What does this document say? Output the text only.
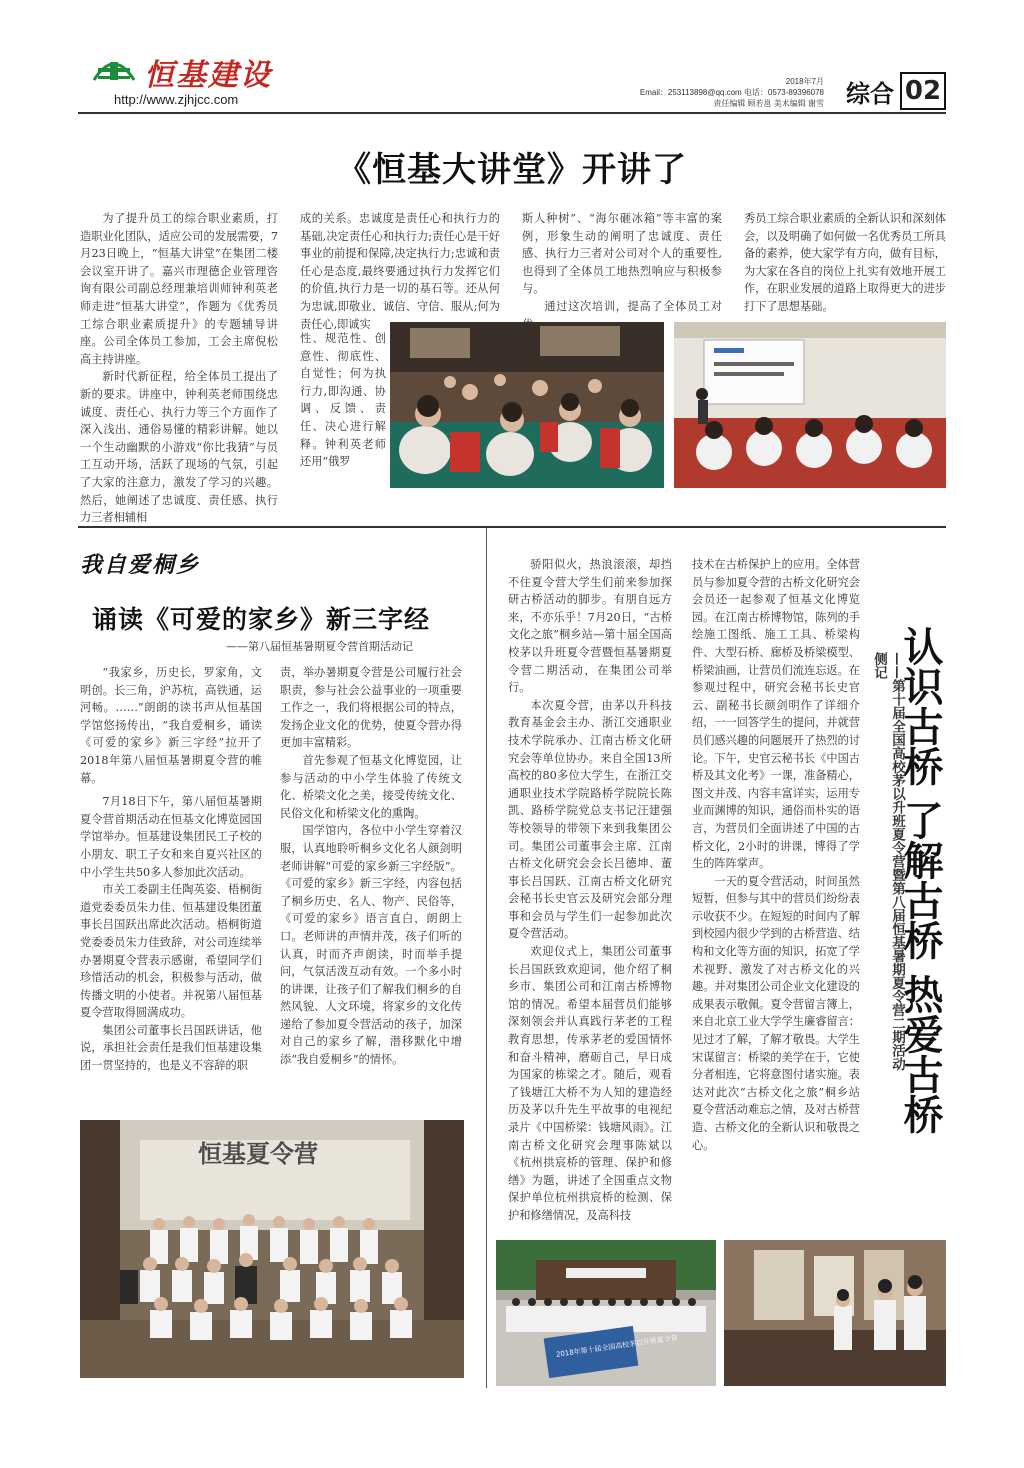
恒基建设
http://www.zjhjcc.com
2018年7月
Email：253113898@qq.com 电话：0573-89396078
责任编辑 顾若邕 美术编辑 谢雪 综合 02
《恒基大讲堂》开讲了

为了提升员工的综合职业素质，打造职业化团队，适应公司的发展需要，7月23日晚上，“恒基大讲堂”在集团二楼会议室开讲了。嘉兴市理德企业管理咨询有限公司副总经理兼培训师钟利英老师走进“恒基大讲堂”，作题为《优秀员工综合职业素质提升》的专题辅导讲座。公司全体员工参加，工会主席倪松高主持讲座。

新时代新征程，给全体员工提出了新的要求。讲座中，钟利英老师围绕忠诚度、责任心、执行力等三个方面作了深入浅出、通俗易懂的精彩讲解。她以一个生动幽默的小游戏“你比我猜”与员工互动开场，活跃了现场的气氛，引起了大家的注意力，激发了学习的兴趣。然后，她阐述了忠诚度、责任感、执行力三者相辅相

成的关系。忠诚度是责任心和执行力的基础,决定责任心和执行力;责任心是干好事业的前提和保障,决定执行力;忠诚和责任心是态度,最终要通过执行力发挥它们的价值,执行力是一切的基石等。还从何为忠诚,即敬业、诚信、守信、服从;何为责任心,即诚实

性、规范性、创意性、彻底性、自觉性；何为执行力,即沟通、协调、反馈、责任、决心进行解释。钟利英老师还用“俄罗

斯人种树”、“海尔砸冰箱”等丰富的案例，形象生动的阐明了忠诚度、责任感、执行力三者对公司对个人的重要性,也得到了全体员工地热烈响应与积极参与。

通过这次培训，提高了全体员工对

秀员工综合职业素质的全新认识和深刻体会，以及明确了如何做一名优秀员工所具备的素养，使大家学有方向，做有目标，为大家在各自的岗位上扎实有效地开展工作，在职业发展的道路上取得更大的进步打下了思想基础。

我自爱桐乡
诵读《可爱的家乡》新三字经
——第八届恒基暑期夏令营首期活动记

“我家乡，历史长，罗家角，文明创。长三角，沪苏杭，高铁通，运河畅。……”朗朗的读书声从恒基国学馆悠扬传出，“我自爱桐乡，诵读《可爱的家乡》新三字经”拉开了2018年第八届恒基暑期夏令营的帷幕。

7月18日下午，第八届恒基暑期夏令营首期活动在恒基文化博览园国学馆举办。恒基建设集团民工子校的小朋友、职工子女和来自夏兴社区的中小学生共50多人参加此次活动。

市关工委副主任陶英姿、梧桐街道党委委员朱力佳、恒基建设集团董事长吕国跃出席此次活动。梧桐街道党委委员朱力佳致辞，对公司连续举办暑期夏令营表示感谢，希望同学们珍惜活动的机会，积极参与活动，做传播文明的小使者。并祝第八届恒基夏令营取得圆满成功。

集团公司董事长吕国跃讲话，他说，承担社会责任是我们恒基建设集团一贯坚持的，也是义不容辞的职

责，举办暑期夏令营是公司履行社会职责，参与社会公益事业的一项重要工作之一，我们将根据公司的特点，发扬企业文化的优势，使夏令营办得更加丰富精彩。

首先参观了恒基文化博览园，让参与活动的中小学生体验了传统文化、桥梁文化之美，接受传统文化、民俗文化和桥梁文化的熏陶。

国学馆内，各位中小学生穿着汉服，认真地聆听桐乡文化名人颜剑明老师讲解“可爱的家乡新三字经版”。《可爱的家乡》新三字经，内容包括了桐乡历史、名人、物产、民俗等，《可爱的家乡》语言直白，朗朗上口。老师讲的声情并茂，孩子们听的认真，时而齐声朗读，时而举手提问，气氛活泼互动有效。一个多小时的讲课，让孩子们了解我们桐乡的自然风貌、人文环境，将家乡的文化传递给了参加夏令营活动的孩子，加深对自己的家乡了解，潜移默化中增添“我自爱桐乡”的情怀。

恒基夏令营

骄阳似火，热浪滚滚，却挡不住夏令营大学生们前来参加探研古桥活动的脚步。有朋自远方来，不亦乐乎！7月20日，“古桥文化之旅”桐乡站—第十届全国高校茅以升班夏令营暨恒基暑期夏令营二期活动，在集团公司举行。

本次夏令营，由茅以升科技教育基金会主办、浙江交通职业技术学院承办、江南古桥文化研究会等单位协办。来自全国13所高校的80多位大学生，在浙江交通职业技术学院路桥学院院长陈凯、路桥学院党总支书记汪建强等校领导的带领下来到我集团公司。集团公司董事会主席、江南古桥文化研究会会长吕德坤、董事长吕国跃、江南古桥文化研究会秘书长史官云及研究会部分理事和会员与学生们一起参加此次夏令营活动。

欢迎仪式上，集团公司董事长吕国跃致欢迎词，他介绍了桐乡市、集团公司和江南古桥博物馆的情况。希望本届营员们能够深刻领会并认真践行茅老的工程教育思想，传承茅老的爱国情怀和奋斗精神，磨砺自己，早日成为国家的栋梁之才。随后，观看了钱塘江大桥不为人知的建造经历及茅以升先生平故事的电视纪录片《中国桥梁：钱塘风雨》。江南古桥文化研究会理事陈斌以《杭州拱宸桥的管理、保护和修缮》为题，讲述了全国重点文物保护单位杭州拱宸桥的检测、保护和修缮情况，及高科技

技术在古桥保护上的应用。全体营员与参加夏令营的古桥文化研究会会员还一起参观了恒基文化博览园。在江南古桥博物馆，陈列的手绘施工图纸、施工工具、桥梁构件、大型石桥、廊桥及桥梁模型、桥梁油画，让营员们流连忘返。在参观过程中，研究会秘书长史官云、副秘书长颜剑明作了详细介绍，一一回答学生的提问，并就营员们感兴趣的问题展开了热烈的讨论。下午，史官云秘书长《中国古桥及其文化考》一课，准备精心，图文并茂、内容丰富详实，运用专业而渊博的知识，通俗而朴实的语言，为营员们全面讲述了中国的古桥文化，2小时的讲课，博得了学生的阵阵掌声。

一天的夏令营活动，时间虽然短暂，但参与其中的营员们纷纷表示收获不少。在短短的时间内了解到校园内很少学到的古桥营造、结构和文化等方面的知识，拓宽了学术视野、激发了对古桥文化的兴趣。并对集团公司企业文化建设的成果表示敬佩。夏令营留言簿上，来自北京工业大学学生廉睿留言：见过才了解，了解才敬畏。大学生宋谋留言：桥梁的美学在于，它使分者相连，它将意图付诸实施。表达对此次“古桥文化之旅”桐乡站夏令营活动难忘之情，及对古桥营造、古桥文化的全新认识和敬畏之心。

认识古桥
了解古桥
热爱古桥
——第十届全国高校茅以升班夏令营暨第八届恒基暑期夏令营二期活动侧记
2018年第十届全国高校茅以升班夏令营
